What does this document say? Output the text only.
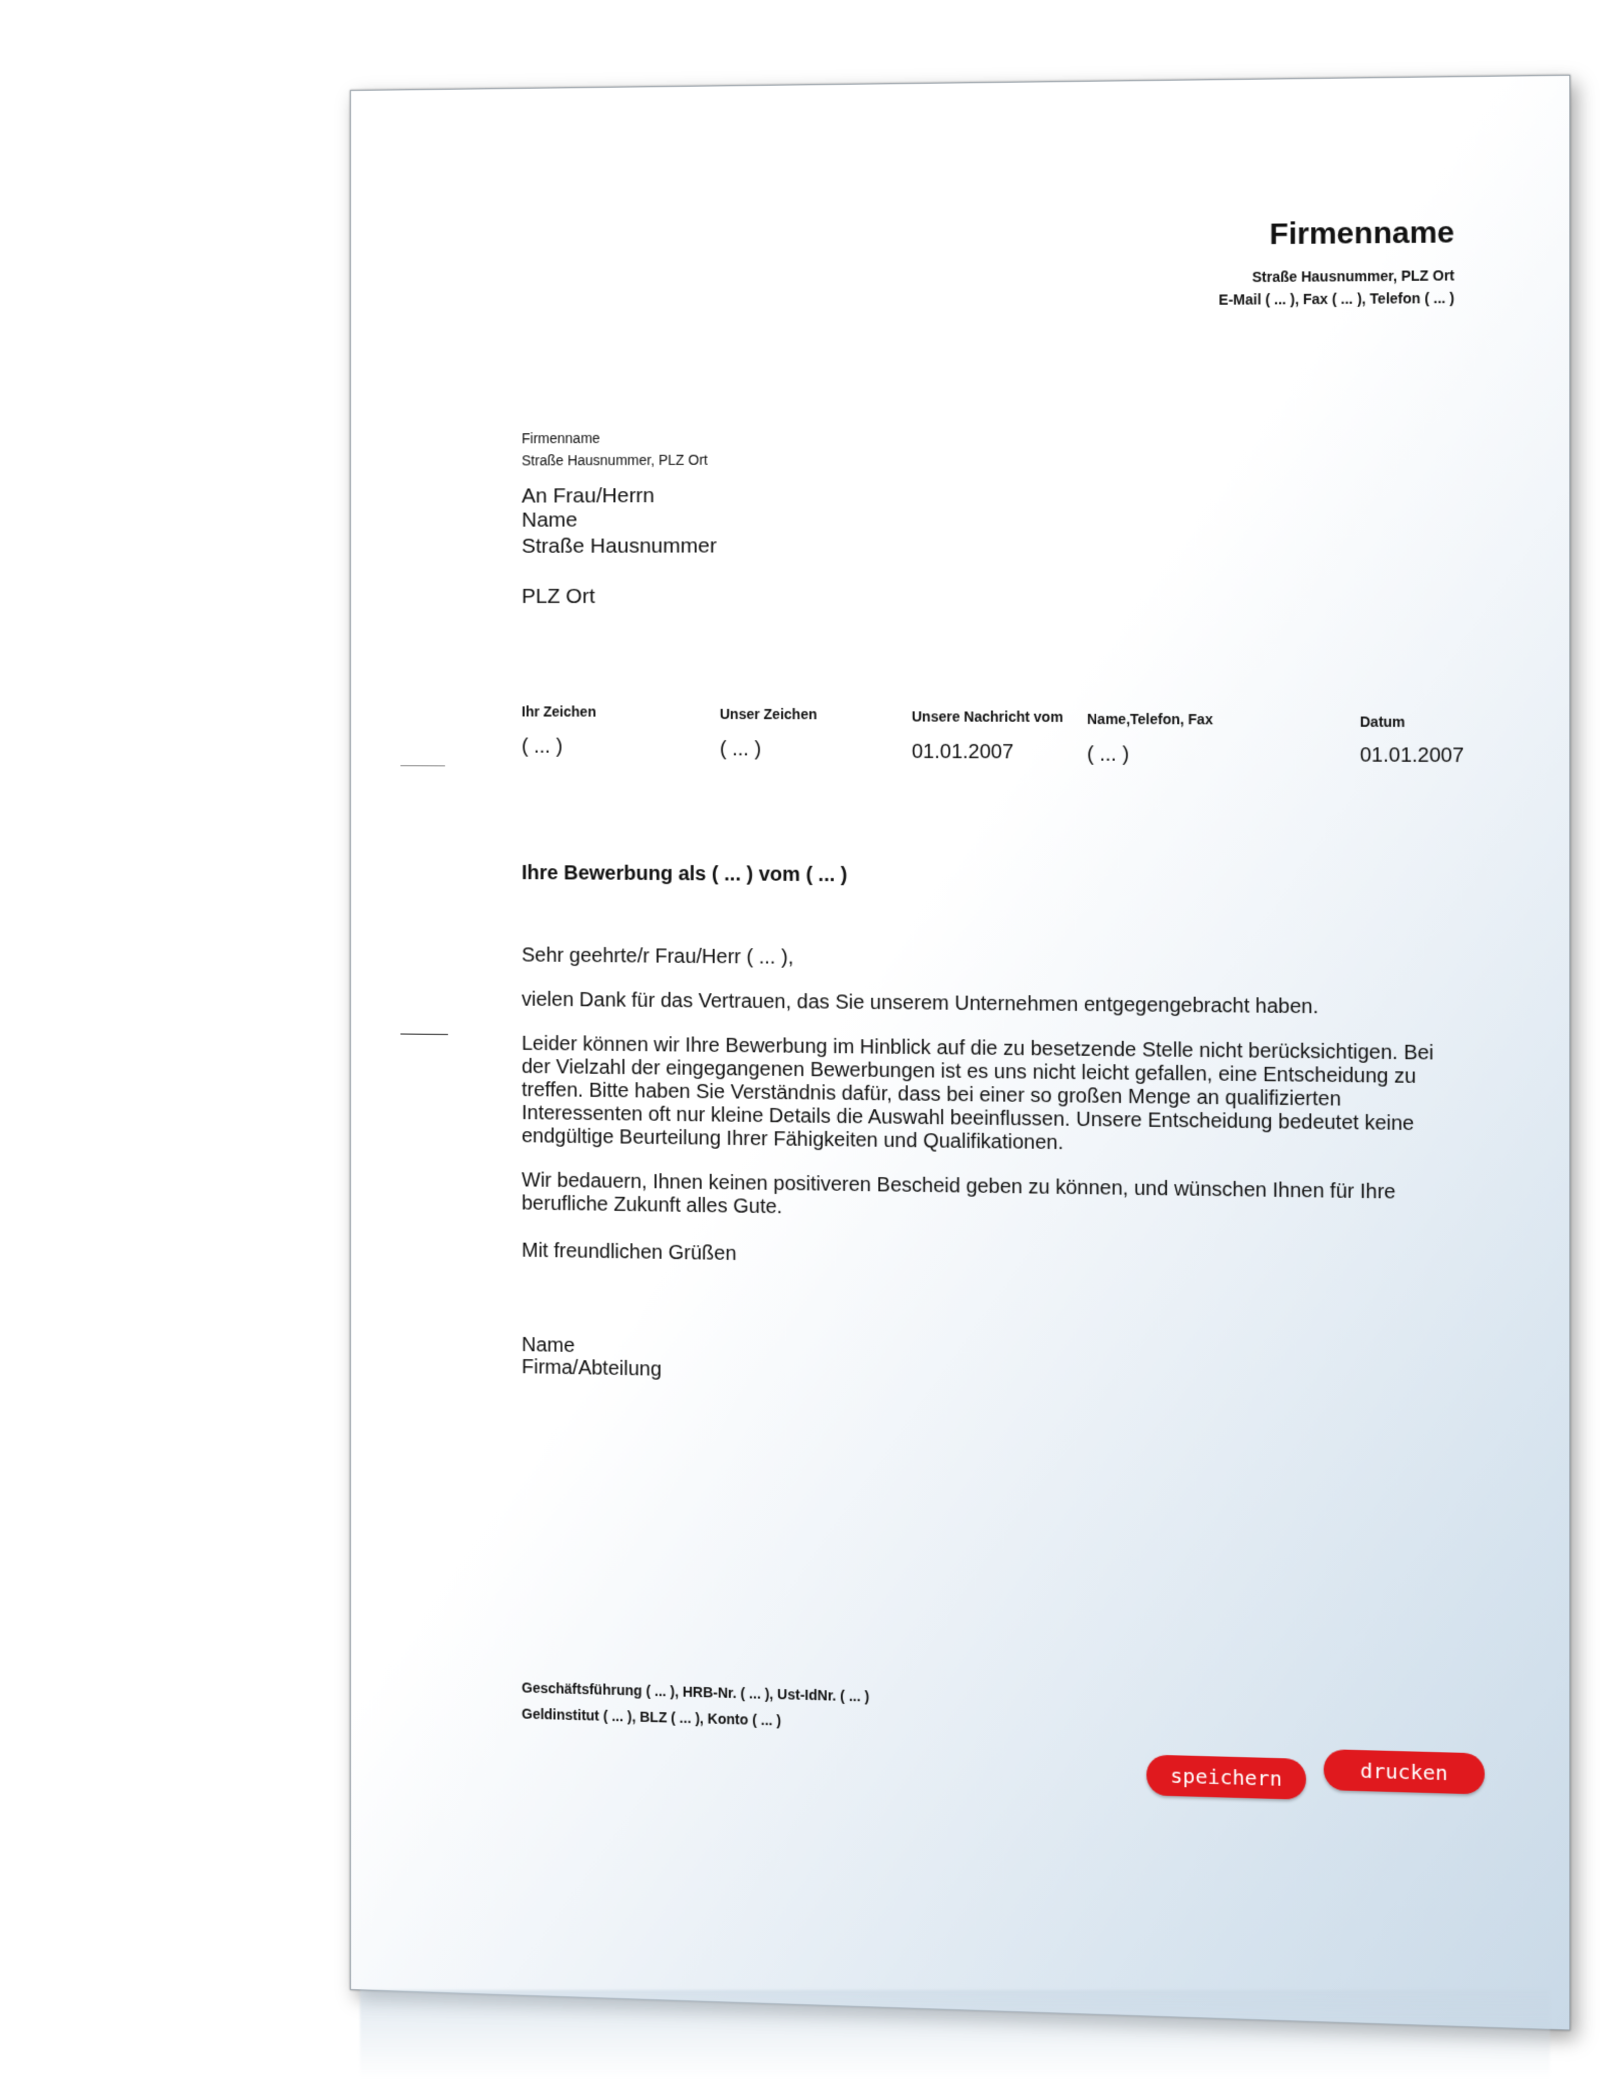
Firmenname
Straße Hausnummer, PLZ Ort
E-Mail ( ... ), Fax ( ... ), Telefon ( ... )
Firmenname
Straße Hausnummer, PLZ Ort
An Frau/Herrn
Name
Straße Hausnummer
PLZ Ort
Ihr Zeichen
( ... )
Unser Zeichen
( ... )
Unsere Nachricht vom
01.01.2007
Name,Telefon, Fax
( ... )
Datum
01.01.2007
Ihre Bewerbung als ( ... ) vom ( ... )
Sehr geehrte/r Frau/Herr ( ... ),
vielen Dank für das Vertrauen, das Sie unserem Unternehmen entgegengebracht haben.
Leider können wir Ihre Bewerbung im Hinblick auf die zu besetzende Stelle nicht berücksichtigen. Bei der Vielzahl der eingegangenen Bewerbungen ist es uns nicht leicht gefallen, eine Entscheidung zu treffen. Bitte haben Sie Verständnis dafür, dass bei einer so großen Menge an qualifizierten Interessenten oft nur kleine Details die Auswahl beeinflussen. Unsere Entscheidung bedeutet keine endgültige Beurteilung Ihrer Fähigkeiten und Qualifikationen.
Wir bedauern, Ihnen keinen positiveren Bescheid geben zu können, und wünschen Ihnen für Ihre berufliche Zukunft alles Gute.
Mit freundlichen Grüßen
Name
Firma/Abteilung
Geschäftsführung ( ... ), HRB-Nr. ( ... ), Ust-IdNr. ( ... )
Geldinstitut ( ... ), BLZ ( ... ), Konto ( ... )
speichern	drucken
